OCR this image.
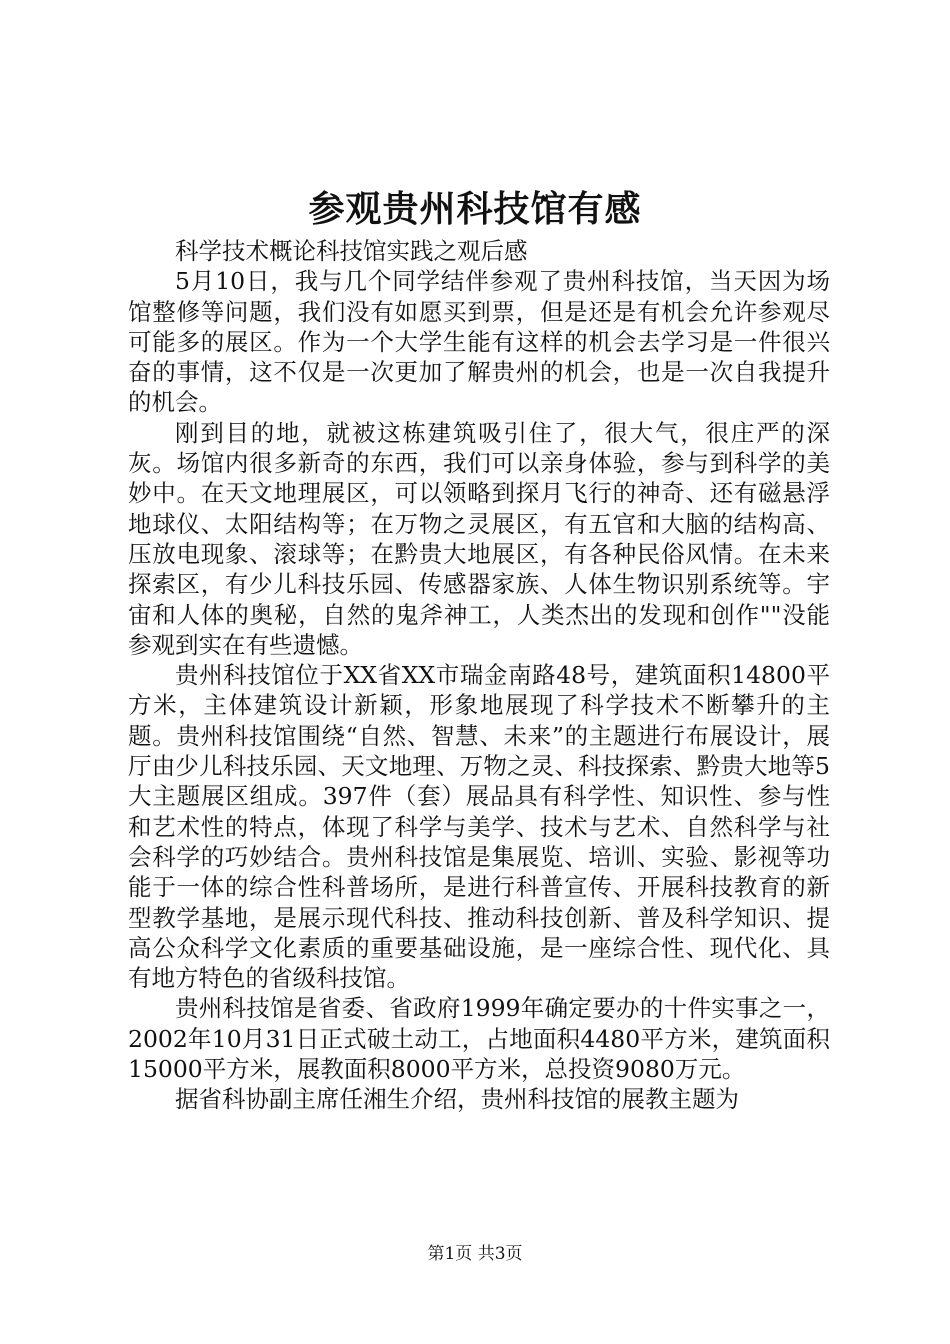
参观贵州科技馆有感

科学技术概论科技馆实践之观后感

5月10日，我与几个同学结伴参观了贵州科技馆，当天因为场馆整修等问题，我们没有如愿买到票，但是还是有机会允许参观尽可能多的展区。作为一个大学生能有这样的机会去学习是一件很兴奋的事情，这不仅是一次更加了解贵州的机会，也是一次自我提升的机会。

刚到目的地，就被这栋建筑吸引住了，很大气，很庄严的深灰。场馆内很多新奇的东西，我们可以亲身体验，参与到科学的美妙中。在天文地理展区，可以领略到探月飞行的神奇、还有磁悬浮地球仪、太阳结构等；在万物之灵展区，有五官和大脑的结构高、压放电现象、滚球等；在黔贵大地展区，有各种民俗风情。在未来探索区，有少儿科技乐园、传感器家族、人体生物识别系统等。宇宙和人体的奥秘，自然的鬼斧神工，人类杰出的发现和创作""没能参观到实在有些遗憾。

贵州科技馆位于XX省XX市瑞金南路48号，建筑面积14800平方米，主体建筑设计新颖，形象地展现了科学技术不断攀升的主题。贵州科技馆围绕“自然、智慧、未来”的主题进行布展设计，展厅由少儿科技乐园、天文地理、万物之灵、科技探索、黔贵大地等5大主题展区组成。397件（套）展品具有科学性、知识性、参与性和艺术性的特点，体现了科学与美学、技术与艺术、自然科学与社会科学的巧妙结合。贵州科技馆是集展览、培训、实验、影视等功能于一体的综合性科普场所，是进行科普宣传、开展科技教育的新型教学基地，是展示现代科技、推动科技创新、普及科学知识、提高公众科学文化素质的重要基础设施，是一座综合性、现代化、具有地方特色的省级科技馆。

贵州科技馆是省委、省政府1999年确定要办的十件实事之一，2002年10月31日正式破土动工，占地面积4480平方米，建筑面积15000平方米，展教面积8000平方米，总投资9080万元。

据省科协副主席任湘生介绍，贵州科技馆的展教主题为

第1页 共3页
